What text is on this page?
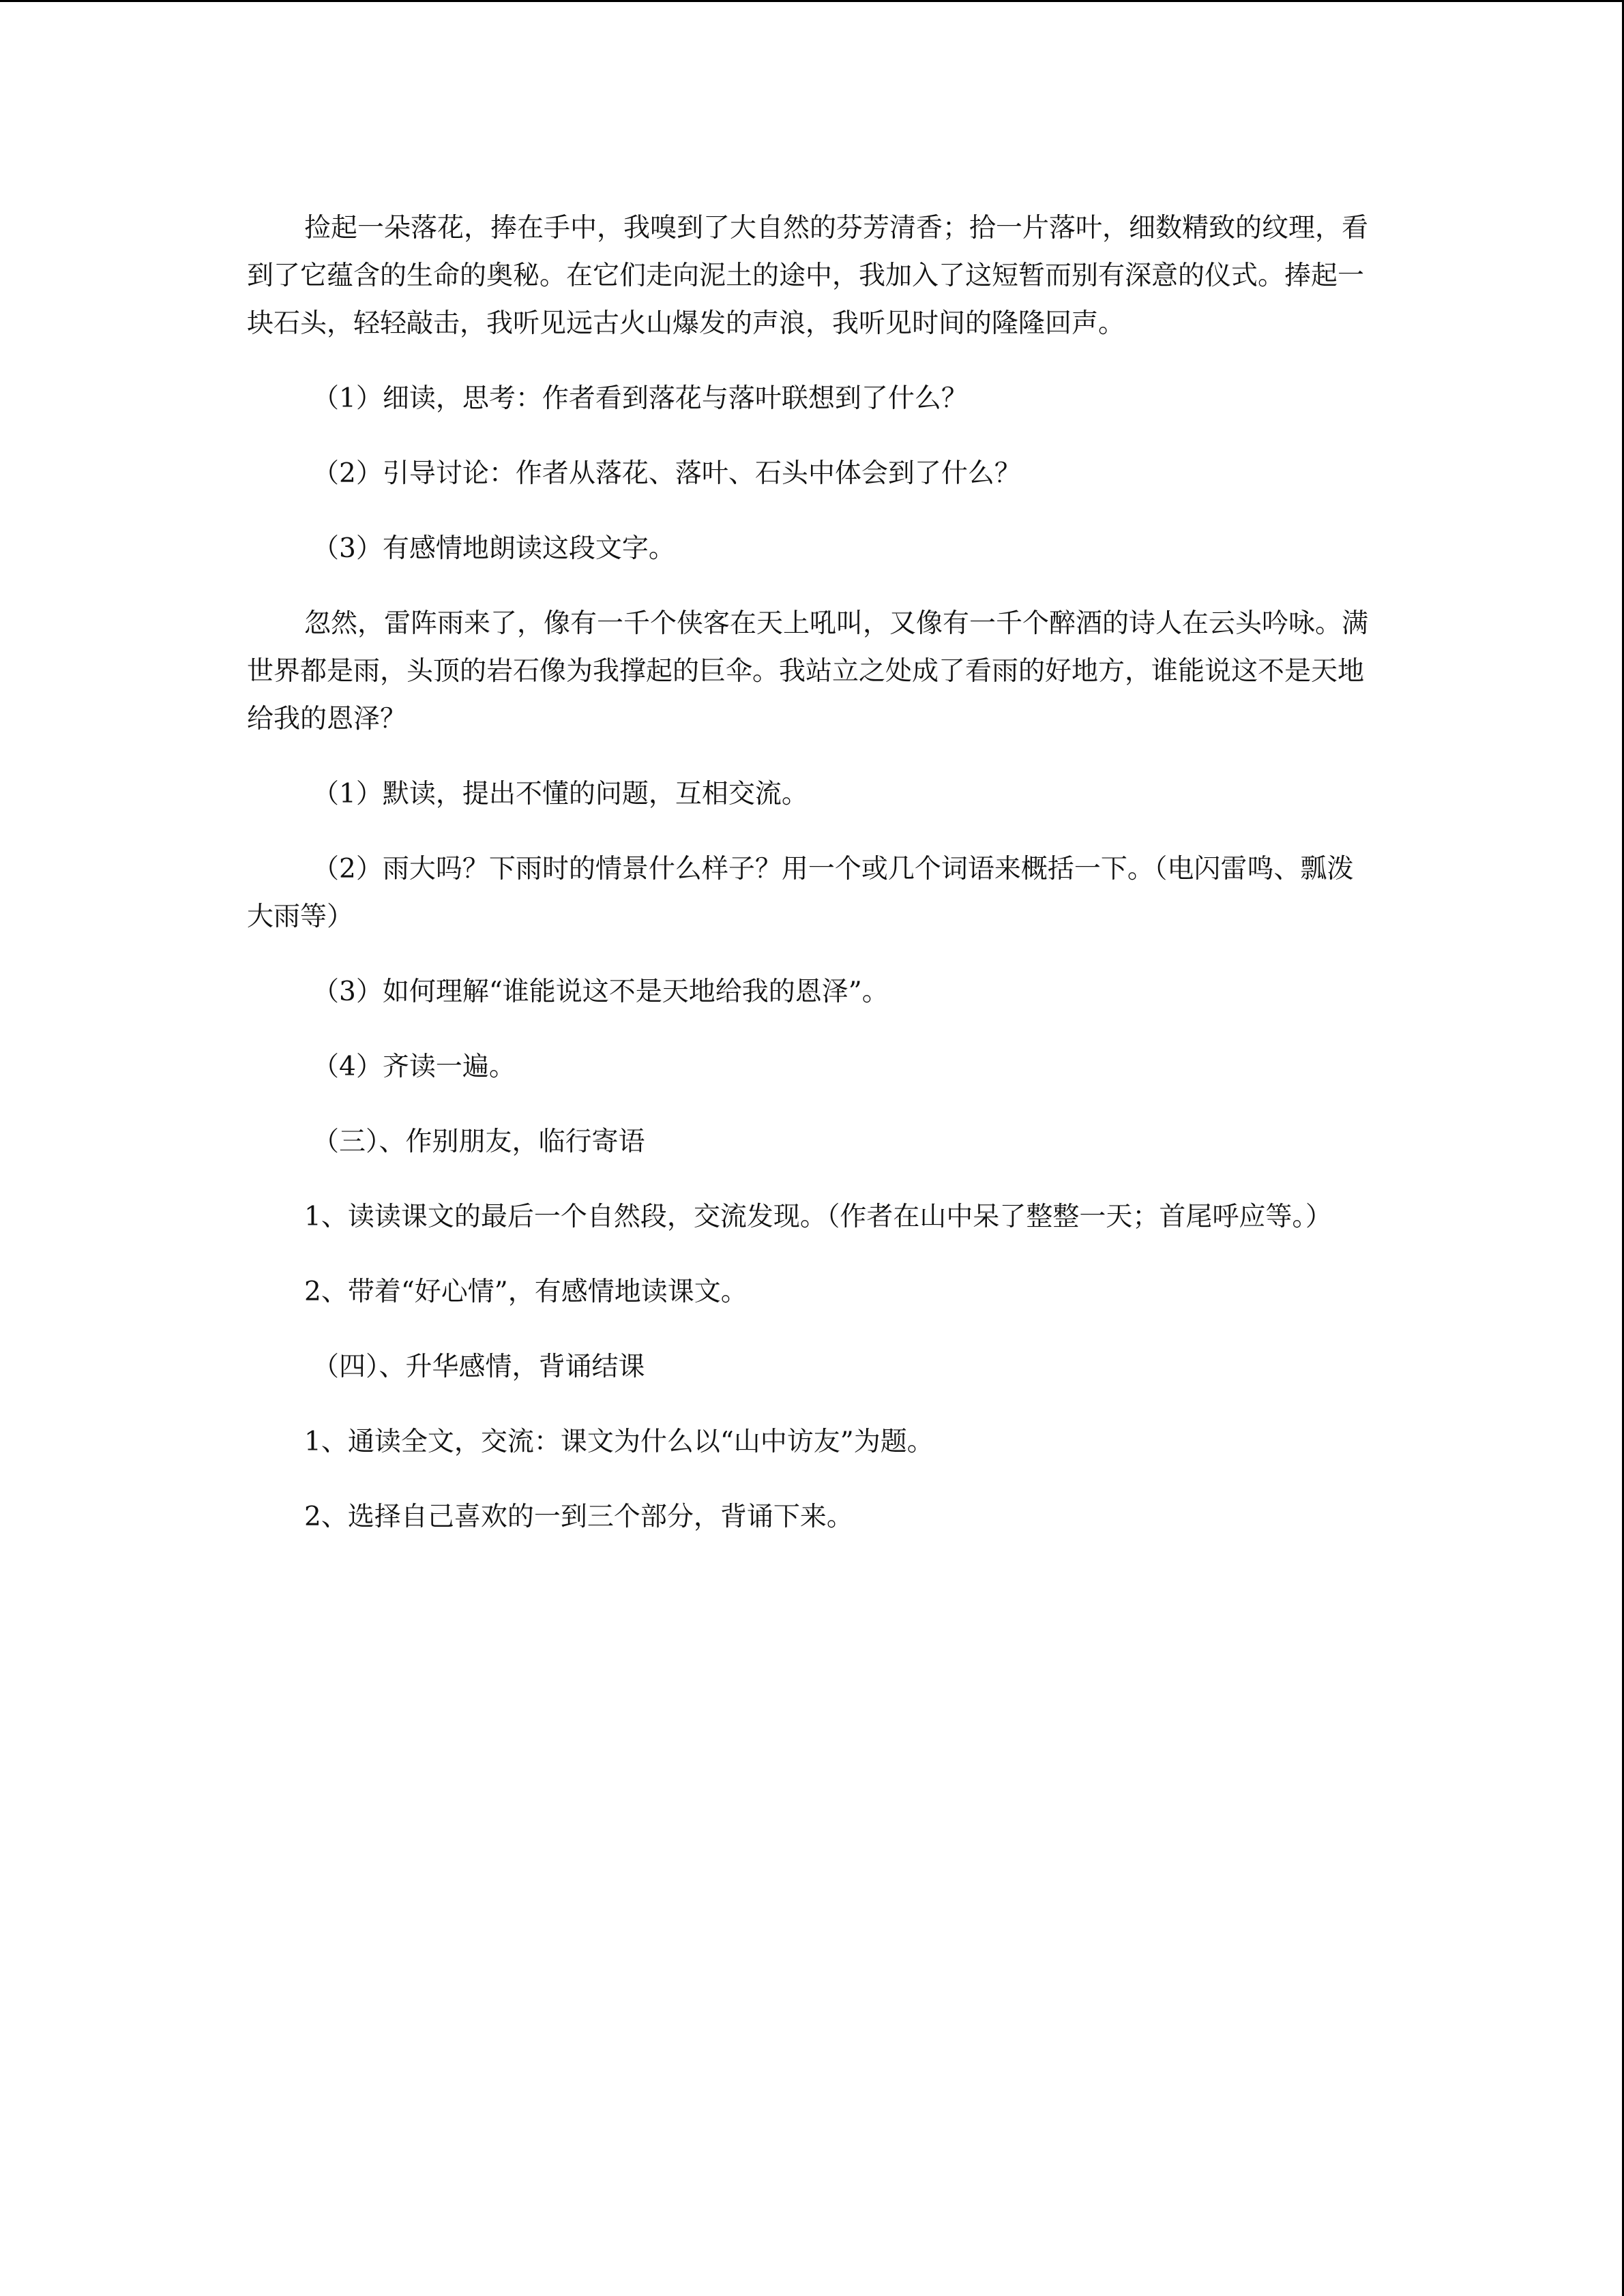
捡起一朵落花，捧在手中，我嗅到了大自然的芬芳清香；拾一片落叶，细数精致的纹理，看到了它蕴含的生命的奥秘。在它们走向泥土的途中，我加入了这短暂而别有深意的仪式。捧起一块石头，轻轻敲击，我听见远古火山爆发的声浪，我听见时间的隆隆回声。

（1）细读，思考：作者看到落花与落叶联想到了什么？

（2）引导讨论：作者从落花、落叶、石头中体会到了什么？

（3）有感情地朗读这段文字。

忽然，雷阵雨来了，像有一千个侠客在天上吼叫，又像有一千个醉酒的诗人在云头吟咏。满世界都是雨，头顶的岩石像为我撑起的巨伞。我站立之处成了看雨的好地方，谁能说这不是天地给我的恩泽？

（1）默读，提出不懂的问题，互相交流。

（2）雨大吗？下雨时的情景什么样子？用一个或几个词语来概括一下。（电闪雷鸣、瓢泼大雨等）

（3）如何理解“谁能说这不是天地给我的恩泽”。

（4）齐读一遍。

（三）、作别朋友，临行寄语

1、读读课文的最后一个自然段，交流发现。（作者在山中呆了整整一天；首尾呼应等。）

2、带着“好心情”，有感情地读课文。

（四）、升华感情，背诵结课

1、通读全文，交流：课文为什么以“山中访友”为题。

2、选择自己喜欢的一到三个部分，背诵下来。
